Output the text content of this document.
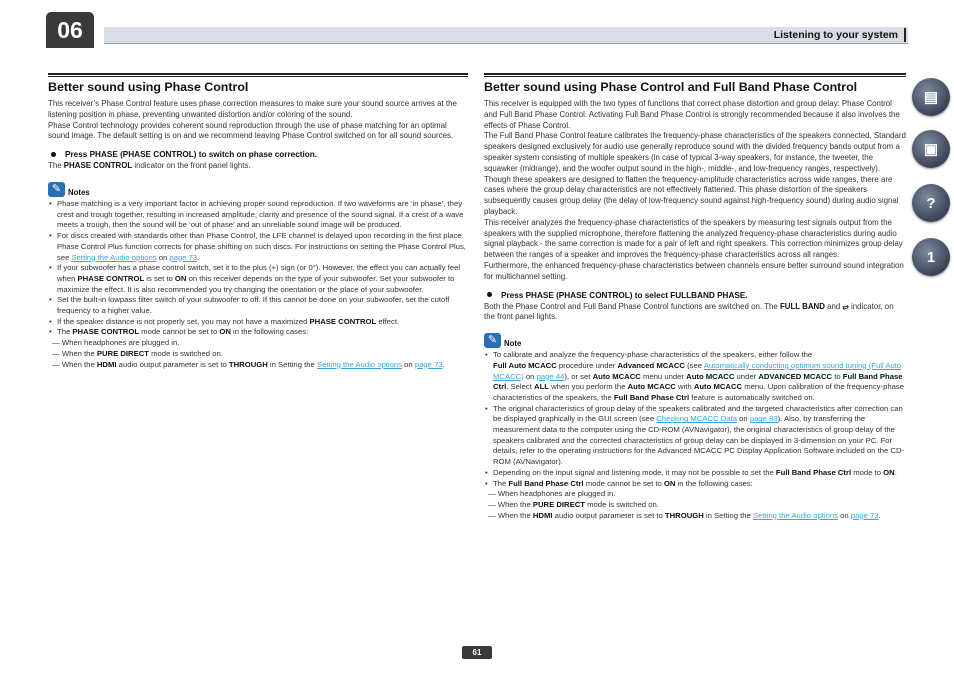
06	Listening to your system
Better sound using Phase Control

This receiver’s Phase Control feature uses phase correction measures to make sure your sound source arrives at the listening position in phase, preventing unwanted distortion and/or coloring of the sound.

Phase Control technology provides coherent sound reproduction through the use of phase matching for an optimal sound image. The default setting is on and we recommend leaving Phase Control switched on for all sound sources.

Press PHASE (PHASE CONTROL) to switch on phase correction.

The PHASE CONTROL indicator on the front panel lights.

✎ Notes
• Phase matching is a very important factor in achieving proper sound reproduction. If two waveforms are ‘in phase’, they crest and trough together, resulting in increased amplitude, clarity and presence of the sound signal. If a crest of a wave meets a trough, then the sound will be ‘out of phase’ and an unreliable sound image will be produced.
• For discs created with standards other than Phase Control, the LFE channel is delayed upon recording in the first place. Phase Control Plus function corrects for phase shifting on such discs. For instructions on setting the Phase Control Plus, see Setting the Audio options on page 73.
• If your subwoofer has a phase control switch, set it to the plus (+) sign (or 0°). However, the effect you can actually feel when PHASE CONTROL is set to ON on this receiver depends on the type of your subwoofer. Set your subwoofer to maximize the effect. It is also recommended you try changing the orientation or the place of your subwoofer.
• Set the built-in lowpass filter switch of your subwoofer to off. If this cannot be done on your subwoofer, set the cutoff frequency to a higher value.
• If the speaker distance is not properly set, you may not have a maximized PHASE CONTROL effect.
• The PHASE CONTROL mode cannot be set to ON in the following cases:
— When headphones are plugged in.
— When the PURE DIRECT mode is switched on.
— When the HDMI audio output parameter is set to THROUGH in Setting the Setting the Audio options on page 73.
Better sound using Phase Control and Full Band Phase Control

This receiver is equipped with the two types of functions that correct phase distortion and group delay: Phase Control and Full Band Phase Control. Activating Full Band Phase Control is strongly recommended because it also involves the effects of Phase Control.

The Full Band Phase Control feature calibrates the frequency-phase characteristics of the speakers connected. Standard speakers designed exclusively for audio use generally reproduce sound with the divided frequency bands output from a speaker system consisting of multiple speakers (in case of typical 3-way speakers, for instance, the tweeter, the squawker (midrange), and the woofer output sound in the high-, middle-, and low-frequency ranges, respectively). Though these speakers are designed to flatten the frequency-amplitude characteristics across wide ranges, there are cases where the group delay characteristics are not effectively flattened. This phase distortion of the speakers subsequently causes group delay (the delay of low-frequency sound against high-frequency sound) during audio signal playback.

This receiver analyzes the frequency-phase characteristics of the speakers by measuring test signals output from the speakers with the supplied microphone, therefore flattening the analyzed frequency-phase characteristics during audio signal playback - the same correction is made for a pair of left and right speakers. This correction minimizes group delay between the ranges of a speaker and improves the frequency-phase characteristics across all ranges.

Furthermore, the enhanced frequency-phase characteristics between channels ensure better surround sound integration for multichannel setting.

Press PHASE (PHASE CONTROL) to select FULLBAND PHASE.

Both the Phase Control and Full Band Phase Control functions are switched on. The FULL BAND and ⥂ indicator, on the front panel lights.

✎ Note
• To calibrate and analyze the frequency-phase characteristics of the speakers, either follow the
Full Auto MCACC procedure under Advanced MCACC (see Automatically conducting optimum sound tuning (Full Auto MCACC) on page 44), or set Auto MCACC menu under Auto MCACC under ADVANCED MCACC to Full Band Phase Ctrl. Select ALL when you perform the Auto MCACC with Auto MCACC menu. Upon calibration of the frequency-phase characteristics of the speakers, the Full Band Phase Ctrl feature is automatically switched on.
• The original characteristics of group delay of the speakers calibrated and the targeted characteristics after correction can be displayed graphically in the GUI screen (see Checking MCACC Data on page 83). Also, by transferring the measurement data to the computer using the CD-ROM (AVNavigator), the original characteristics of group delay of the speakers calibrated and the corrected characteristics of group delay can be displayed in 3-dimension on your PC. For details, refer to the operating instructions for the Advanced MCACC PC Display Application Software included on the CD-ROM (AVNavigator).
• Depending on the input signal and listening mode, it may not be possible to set the Full Band Phase Ctrl mode to ON.
• The Full Band Phase Ctrl mode cannot be set to ON in the following cases:
— When headphones are plugged in.
— When the PURE DIRECT mode is switched on.
— When the HDMI audio output parameter is set to THROUGH in Setting the Setting the Audio options on page 73.
▤
▣
?
1
61
